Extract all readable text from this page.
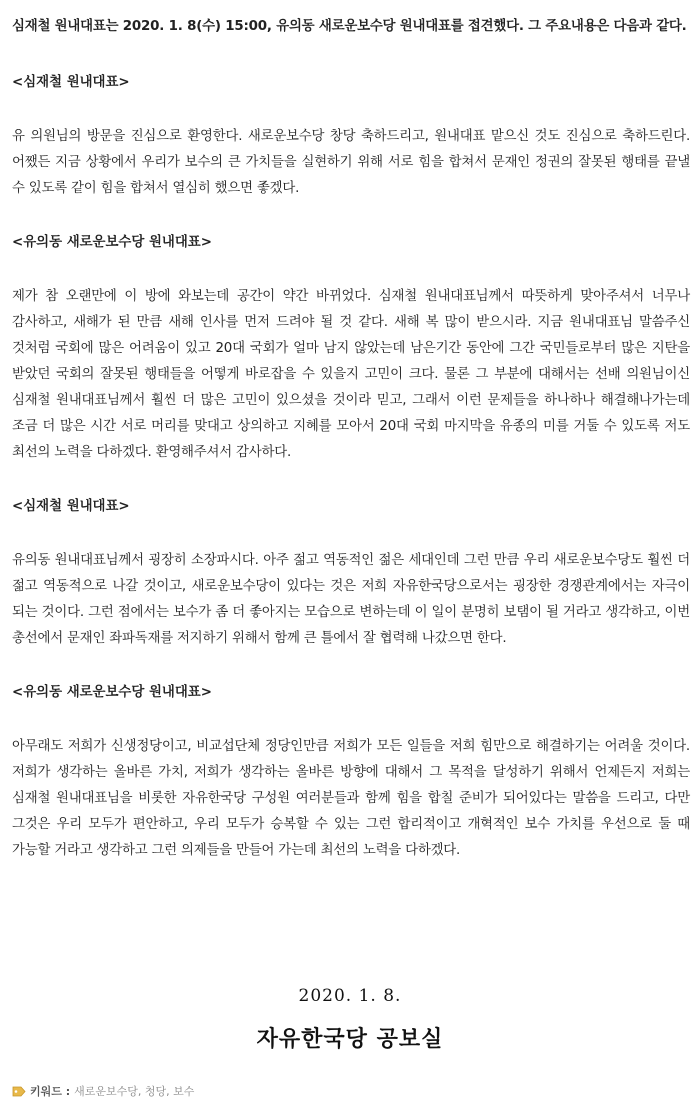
심재철 원내대표는 2020. 1. 8(수) 15:00, 유의동 새로운보수당 원내대표를 접견했다. 그 주요내용은 다음과 같다.

<심재철 원내대표>

유 의원님의 방문을 진심으로 환영한다. 새로운보수당 창당 축하드리고, 원내대표 맡으신 것도 진심으로 축하드린다. 어쨌든 지금 상황에서 우리가 보수의 큰 가치들을 실현하기 위해 서로 힘을 합쳐서 문재인 정권의 잘못된 행태를 끝낼 수 있도록 같이 힘을 합쳐서 열심히 했으면 좋겠다.

<유의동 새로운보수당 원내대표>

제가 참 오랜만에 이 방에 와보는데 공간이 약간 바뀌었다. 심재철 원내대표님께서 따뜻하게 맞아주셔서 너무나 감사하고, 새해가 된 만큼 새해 인사를 먼저 드려야 될 것 같다. 새해 복 많이 받으시라. 지금 원내대표님 말씀주신 것처럼 국회에 많은 어려움이 있고 20대 국회가 얼마 남지 않았는데 남은기간 동안에 그간 국민들로부터 많은 지탄을 받았던 국회의 잘못된 행태들을 어떻게 바로잡을 수 있을지 고민이 크다. 물론 그 부분에 대해서는 선배 의원님이신 심재철 원내대표님께서 훨씬 더 많은 고민이 있으셨을 것이라 믿고, 그래서 이런 문제들을 하나하나 해결해나가는데 조금 더 많은 시간 서로 머리를 맞대고 상의하고 지혜를 모아서 20대 국회 마지막을 유종의 미를 거둘 수 있도록 저도 최선의 노력을 다하겠다. 환영해주셔서 감사하다.

<심재철 원내대표>

유의동 원내대표님께서 굉장히 소장파시다. 아주 젊고 역동적인 젊은 세대인데 그런 만큼 우리 새로운보수당도 훨씬 더 젊고 역동적으로 나갈 것이고, 새로운보수당이 있다는 것은 저희 자유한국당으로서는 굉장한 경쟁관계에서는 자극이 되는 것이다. 그런 점에서는 보수가 좀 더 좋아지는 모습으로 변하는데 이 일이 분명히 보탬이 될 거라고 생각하고, 이번 총선에서 문재인 좌파독재를 저지하기 위해서 함께 큰 틀에서 잘 협력해 나갔으면 한다.

<유의동 새로운보수당 원내대표>

아무래도 저희가 신생정당이고, 비교섭단체 정당인만큼 저희가 모든 일들을 저희 힘만으로 해결하기는 어려울 것이다. 저희가 생각하는 올바른 가치, 저희가 생각하는 올바른 방향에 대해서 그 목적을 달성하기 위해서 언제든지 저희는 심재철 원내대표님을 비롯한 자유한국당 구성원 여러분들과 함께 힘을 합칠 준비가 되어있다는 말씀을 드리고, 다만 그것은 우리 모두가 편안하고, 우리 모두가 승복할 수 있는 그런 합리적이고 개혁적인 보수 가치를 우선으로 둘 때 가능할 거라고 생각하고 그런 의제들을 만들어 가는데 최선의 노력을 다하겠다.

2020. 1. 8.
자유한국당 공보실
키워드 : 새로운보수당, 청당, 보수
